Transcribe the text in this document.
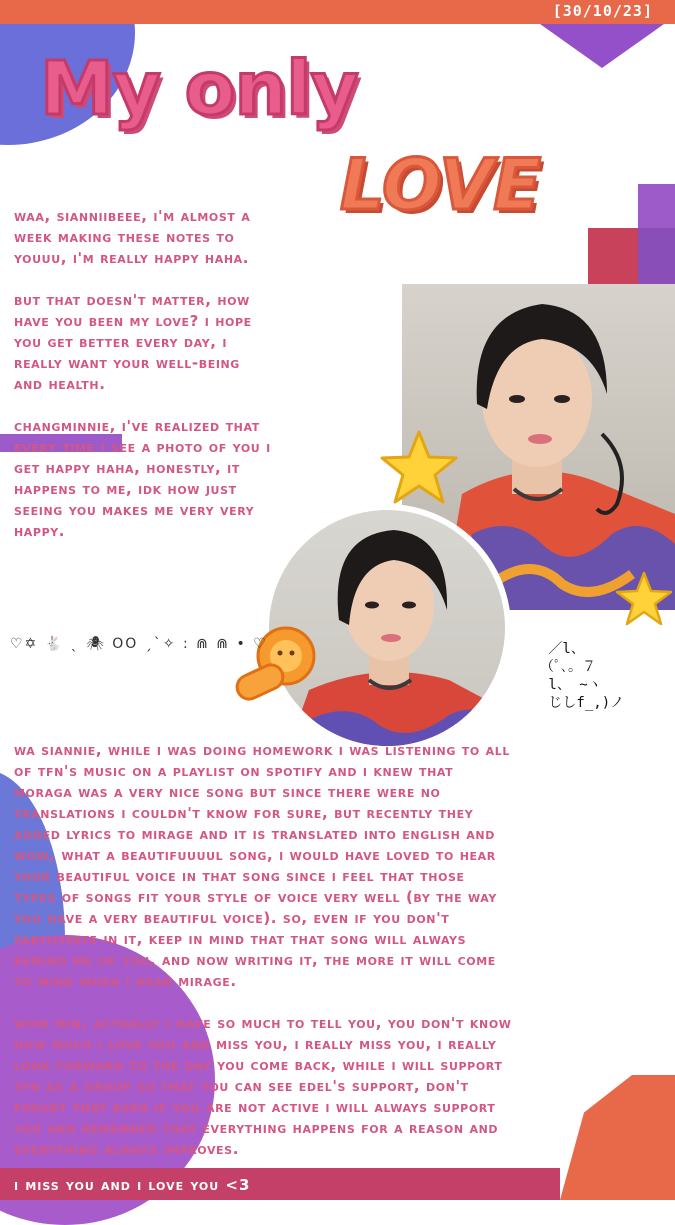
[30/10/23]
My only
LOVE
waa, sianniibeee, i'm almost a
week making these notes to
youuu, i'm really happy haha.

but that doesn't matter, how
have you been my love? i hope
you get better every day, i
really want your well-being
and health.

changminnie, i've realized that
every time i see a photo of you i
get happy haha, honestly, it
happens to me, idk how just
seeing you makes me very very
happy.
♡✡ 🐇 ˎ 🕷 OO ˏˋ✧ : ⋒ ⋒ • ♡	／l、
（ﾟ､。７
l、 ~ヽ
じしf_,)ノ
wa siannie, while i was doing homework i was listening to all
of tfn's music on a playlist on spotify and i knew that
moraga was a very nice song but since there were no
translations i couldn't know for sure, but recently they
added lyrics to mirage and it is translated into english and
wow, what a beautifuuuul song, i would have loved to hear
your beautiful voice in that song since i feel that those
types of songs fit your style of voice very well (by the way
you have a very beautiful voice). so, even if you don't
participate in it, keep in mind that that song will always
remind me of you, and now writing it, the more it will come
to mind when i hear mirage.

wow min, actually i have so much to tell you, you don't know
how much i love you and miss you, i really miss you, i really
look forward to the day you come back, while i will support
tfn as a group so that you can see edel's support, don't
forget that even if you are not active i will always support
you and remember that everything happens for a reason and
everything always improves.
i miss you and i love you <3
